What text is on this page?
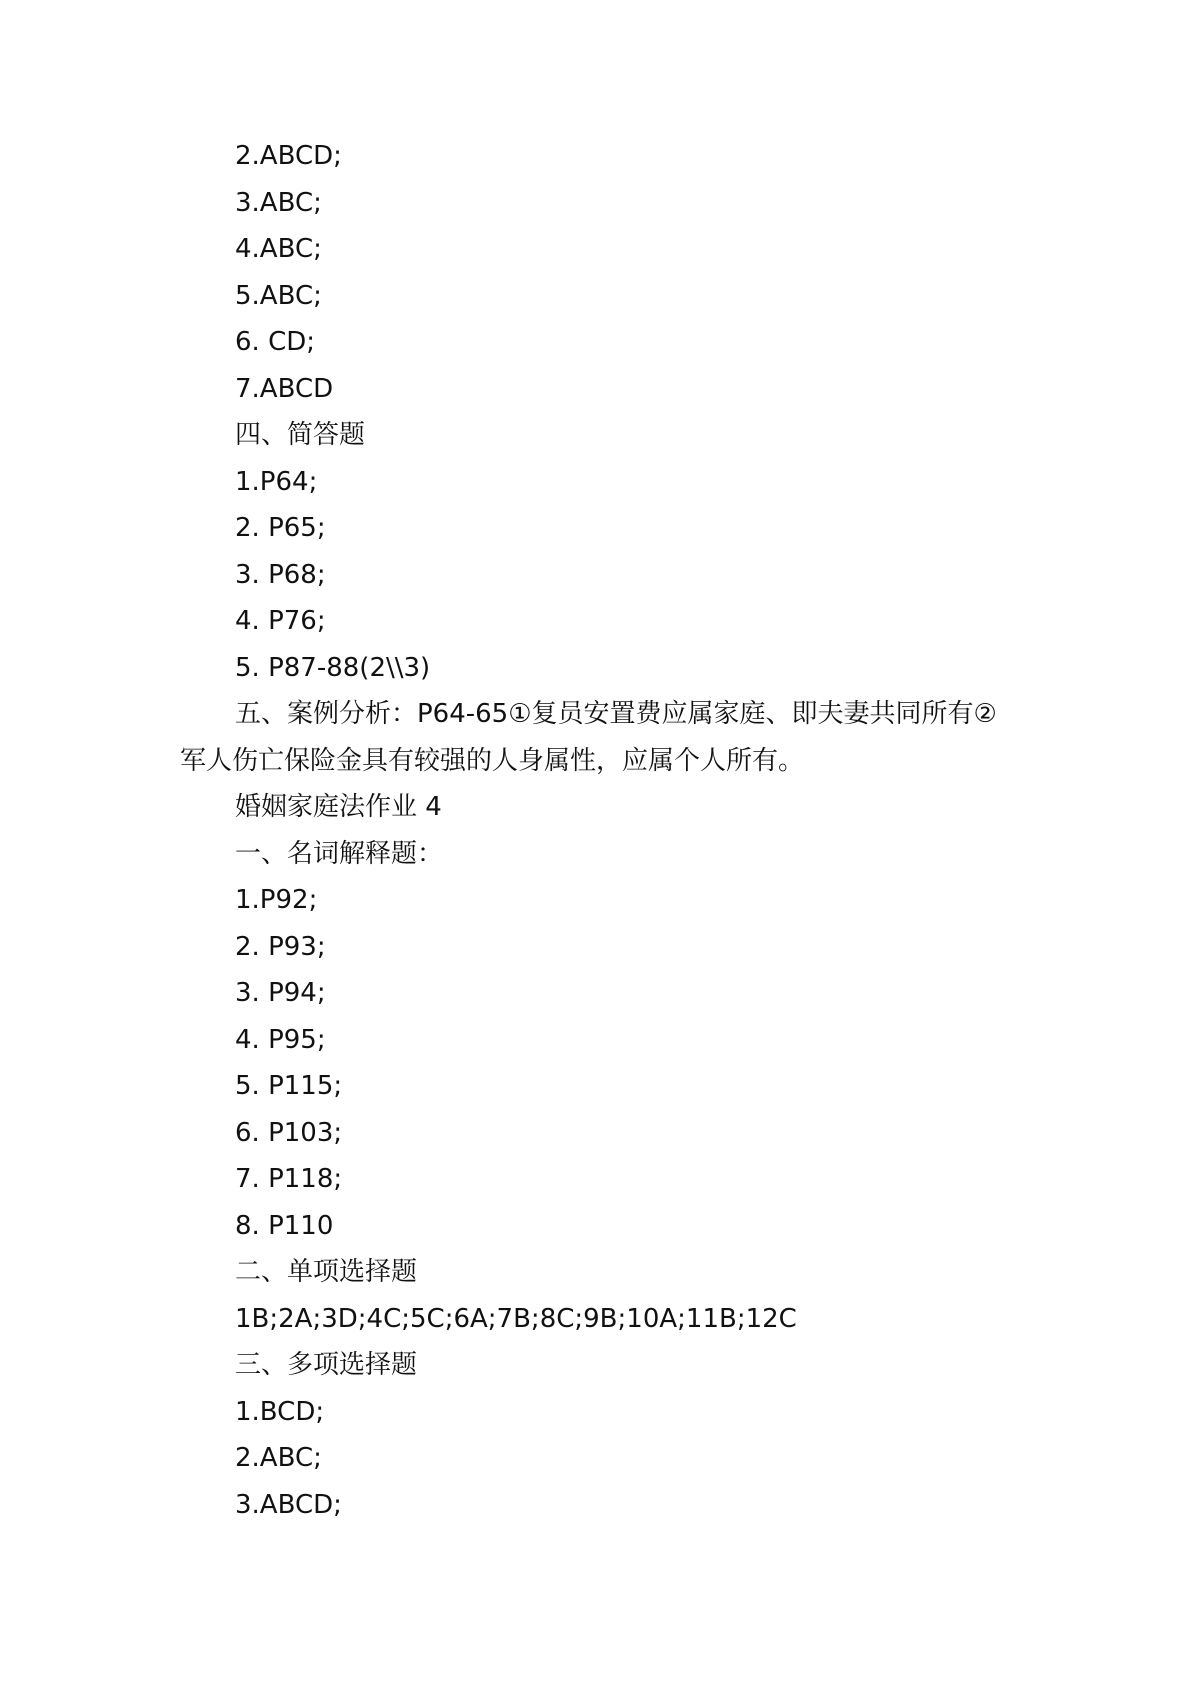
2.ABCD;
3.ABC;
4.ABC;
5.ABC;
6. CD;
7.ABCD
四、简答题
1.P64;
2. P65;
3. P68;
4. P76;
5. P87-88(2\\3)
五、案例分析：P64-65①复员安置费应属家庭、即夫妻共同所有②军人伤亡保险金具有较强的人身属性，应属个人所有。
婚姻家庭法作业 4
一、名词解释题：
1.P92;
2. P93;
3. P94;
4. P95;
5. P115;
6. P103;
7. P118;
8. P110
二、单项选择题
1B;2A;3D;4C;5C;6A;7B;8C;9B;10A;11B;12C
三、多项选择题
1.BCD;
2.ABC;
3.ABCD;
